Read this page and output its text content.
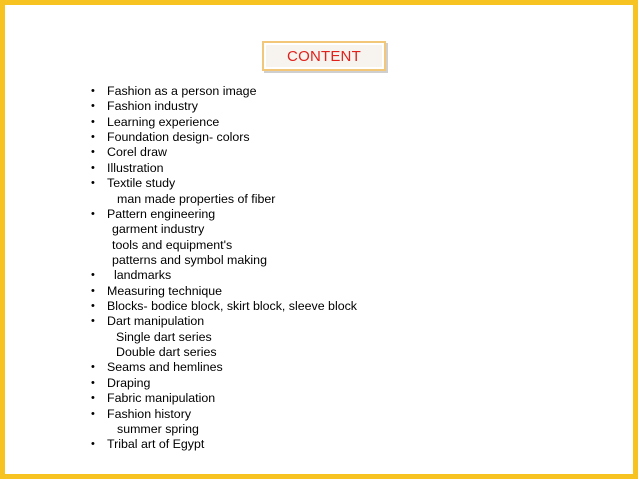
CONTENT
• Fashion as a person image
• Fashion industry
• Learning experience
• Foundation design- colors
• Corel draw
• Illustration
• Textile study
man made properties of fiber
• Pattern engineering
garment industry
tools and equipment's
patterns and symbol making
•	landmarks
• Measuring technique
• Blocks- bodice block, skirt block, sleeve block
• Dart manipulation
Single dart series
Double dart series
• Seams and hemlines
• Draping
• Fabric manipulation
• Fashion history
summer spring
• Tribal art of Egypt
